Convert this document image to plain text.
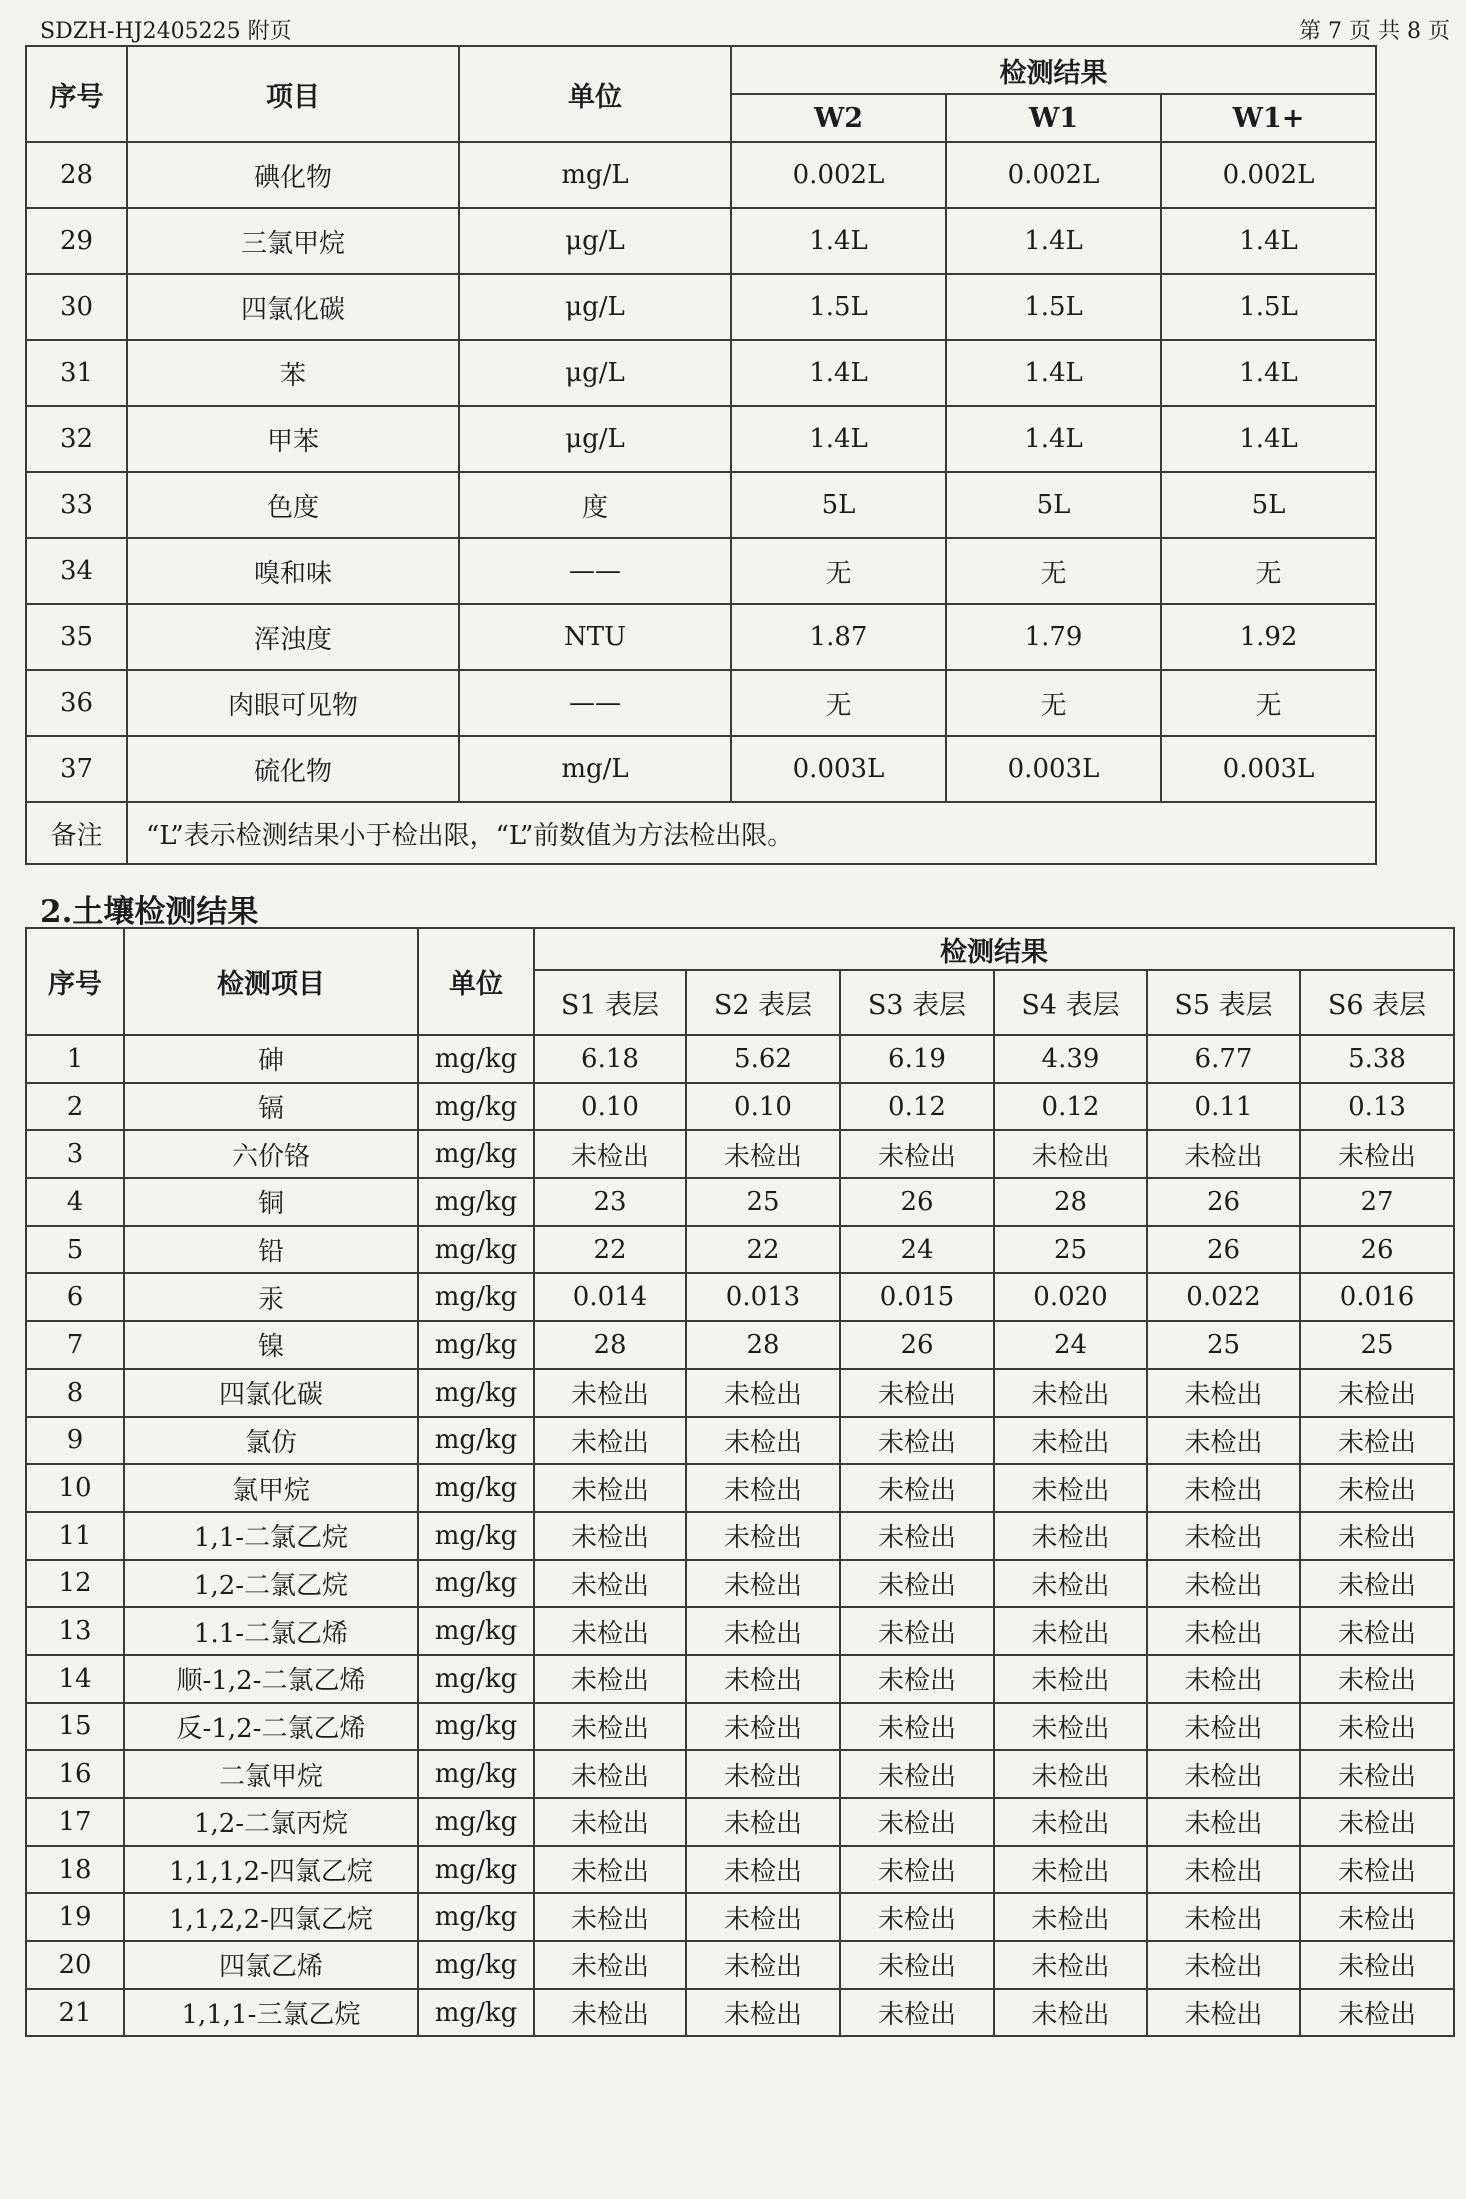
SDZH-HJ2405225 附页	第 7 页 共 8 页
序号	项目	单位	检测结果		
			W2	W1	W1+
28	碘化物	mg/L	0.002L	0.002L	0.002L
29	三氯甲烷	μg/L	1.4L	1.4L	1.4L
30	四氯化碳	μg/L	1.5L	1.5L	1.5L
31	苯	μg/L	1.4L	1.4L	1.4L
32	甲苯	μg/L	1.4L	1.4L	1.4L
33	色度	度	5L	5L	5L
34	嗅和味	——	无	无	无
35	浑浊度	NTU	1.87	1.79	1.92
36	肉眼可见物	——	无	无	无
37	硫化物	mg/L	0.003L	0.003L	0.003L
备注	“L”表示检测结果小于检出限，“L”前数值为方法检出限。				
2.土壤检测结果
序号	检测项目	单位	检测结果					
			S1 表层	S2 表层	S3 表层	S4 表层	S5 表层	S6 表层
1	砷	mg/kg	6.18	5.62	6.19	4.39	6.77	5.38
2	镉	mg/kg	0.10	0.10	0.12	0.12	0.11	0.13
3	六价铬	mg/kg	未检出	未检出	未检出	未检出	未检出	未检出
4	铜	mg/kg	23	25	26	28	26	27
5	铅	mg/kg	22	22	24	25	26	26
6	汞	mg/kg	0.014	0.013	0.015	0.020	0.022	0.016
7	镍	mg/kg	28	28	26	24	25	25
8	四氯化碳	mg/kg	未检出	未检出	未检出	未检出	未检出	未检出
9	氯仿	mg/kg	未检出	未检出	未检出	未检出	未检出	未检出
10	氯甲烷	mg/kg	未检出	未检出	未检出	未检出	未检出	未检出
11	1,1-二氯乙烷	mg/kg	未检出	未检出	未检出	未检出	未检出	未检出
12	1,2-二氯乙烷	mg/kg	未检出	未检出	未检出	未检出	未检出	未检出
13	1.1-二氯乙烯	mg/kg	未检出	未检出	未检出	未检出	未检出	未检出
14	顺-1,2-二氯乙烯	mg/kg	未检出	未检出	未检出	未检出	未检出	未检出
15	反-1,2-二氯乙烯	mg/kg	未检出	未检出	未检出	未检出	未检出	未检出
16	二氯甲烷	mg/kg	未检出	未检出	未检出	未检出	未检出	未检出
17	1,2-二氯丙烷	mg/kg	未检出	未检出	未检出	未检出	未检出	未检出
18	1,1,1,2-四氯乙烷	mg/kg	未检出	未检出	未检出	未检出	未检出	未检出
19	1,1,2,2-四氯乙烷	mg/kg	未检出	未检出	未检出	未检出	未检出	未检出
20	四氯乙烯	mg/kg	未检出	未检出	未检出	未检出	未检出	未检出
21	1,1,1-三氯乙烷	mg/kg	未检出	未检出	未检出	未检出	未检出	未检出
